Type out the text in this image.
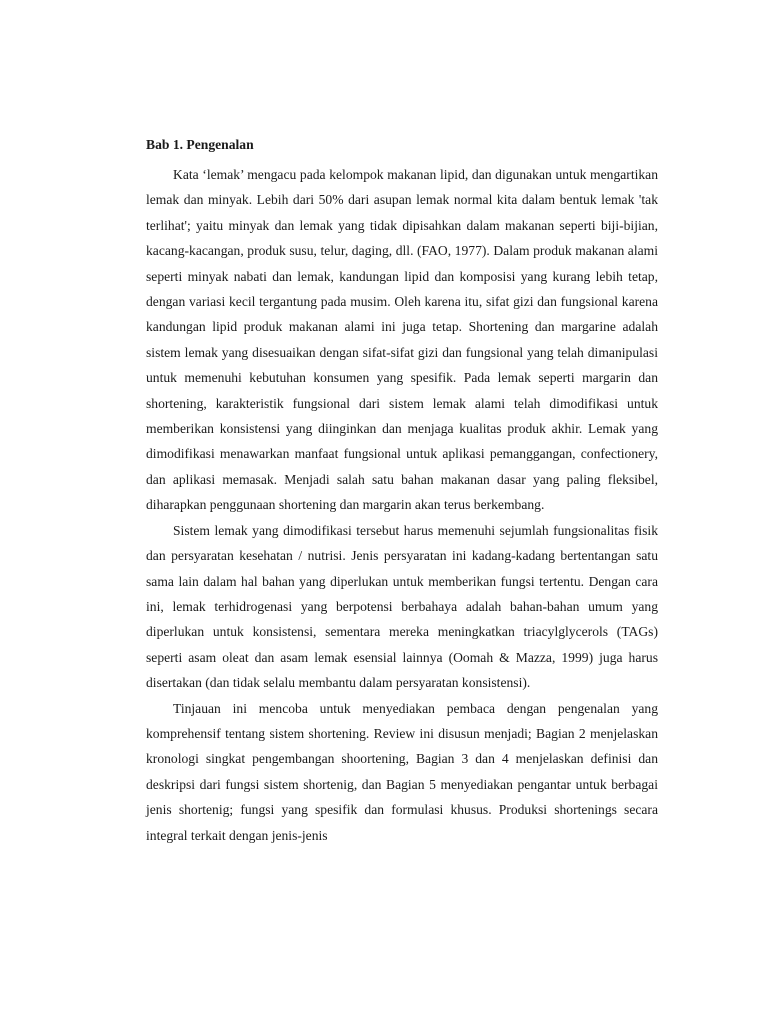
Bab 1. Pengenalan

Kata ‘lemak’ mengacu pada kelompok makanan lipid, dan digunakan untuk mengartikan lemak dan minyak. Lebih dari 50% dari asupan lemak normal kita dalam bentuk lemak 'tak terlihat'; yaitu minyak dan lemak yang tidak dipisahkan dalam makanan seperti biji-bijian, kacang-kacangan, produk susu, telur, daging, dll. (FAO, 1977). Dalam produk makanan alami seperti minyak nabati dan lemak, kandungan lipid dan komposisi yang kurang lebih tetap, dengan variasi kecil tergantung pada musim. Oleh karena itu, sifat gizi dan fungsional karena kandungan lipid produk makanan alami ini juga tetap. Shortening dan margarine adalah sistem lemak yang disesuaikan dengan sifat-sifat gizi dan fungsional yang telah dimanipulasi untuk memenuhi kebutuhan konsumen yang spesifik. Pada lemak seperti margarin dan shortening, karakteristik fungsional dari sistem lemak alami telah dimodifikasi untuk memberikan konsistensi yang diinginkan dan menjaga kualitas produk akhir. Lemak yang dimodifikasi menawarkan manfaat fungsional untuk aplikasi pemanggangan, confectionery, dan aplikasi memasak. Menjadi salah satu bahan makanan dasar yang paling fleksibel, diharapkan penggunaan shortening dan margarin akan terus berkembang.

Sistem lemak yang dimodifikasi tersebut harus memenuhi sejumlah fungsionalitas fisik dan persyaratan kesehatan / nutrisi. Jenis persyaratan ini kadang-kadang bertentangan satu sama lain dalam hal bahan yang diperlukan untuk memberikan fungsi tertentu. Dengan cara ini, lemak terhidrogenasi yang berpotensi berbahaya adalah bahan-bahan umum yang diperlukan untuk konsistensi, sementara mereka meningkatkan triacylglycerols (TAGs) seperti asam oleat dan asam lemak esensial lainnya (Oomah & Mazza, 1999) juga harus disertakan (dan tidak selalu membantu dalam persyaratan konsistensi).

Tinjauan ini mencoba untuk menyediakan pembaca dengan pengenalan yang komprehensif tentang sistem shortening. Review ini disusun menjadi; Bagian 2 menjelaskan kronologi singkat pengembangan shoortening, Bagian 3 dan 4 menjelaskan definisi dan deskripsi dari fungsi sistem shortenig, dan Bagian 5 menyediakan pengantar untuk berbagai jenis shortenig; fungsi yang spesifik dan formulasi khusus. Produksi shortenings secara integral terkait dengan jenis-jenis
